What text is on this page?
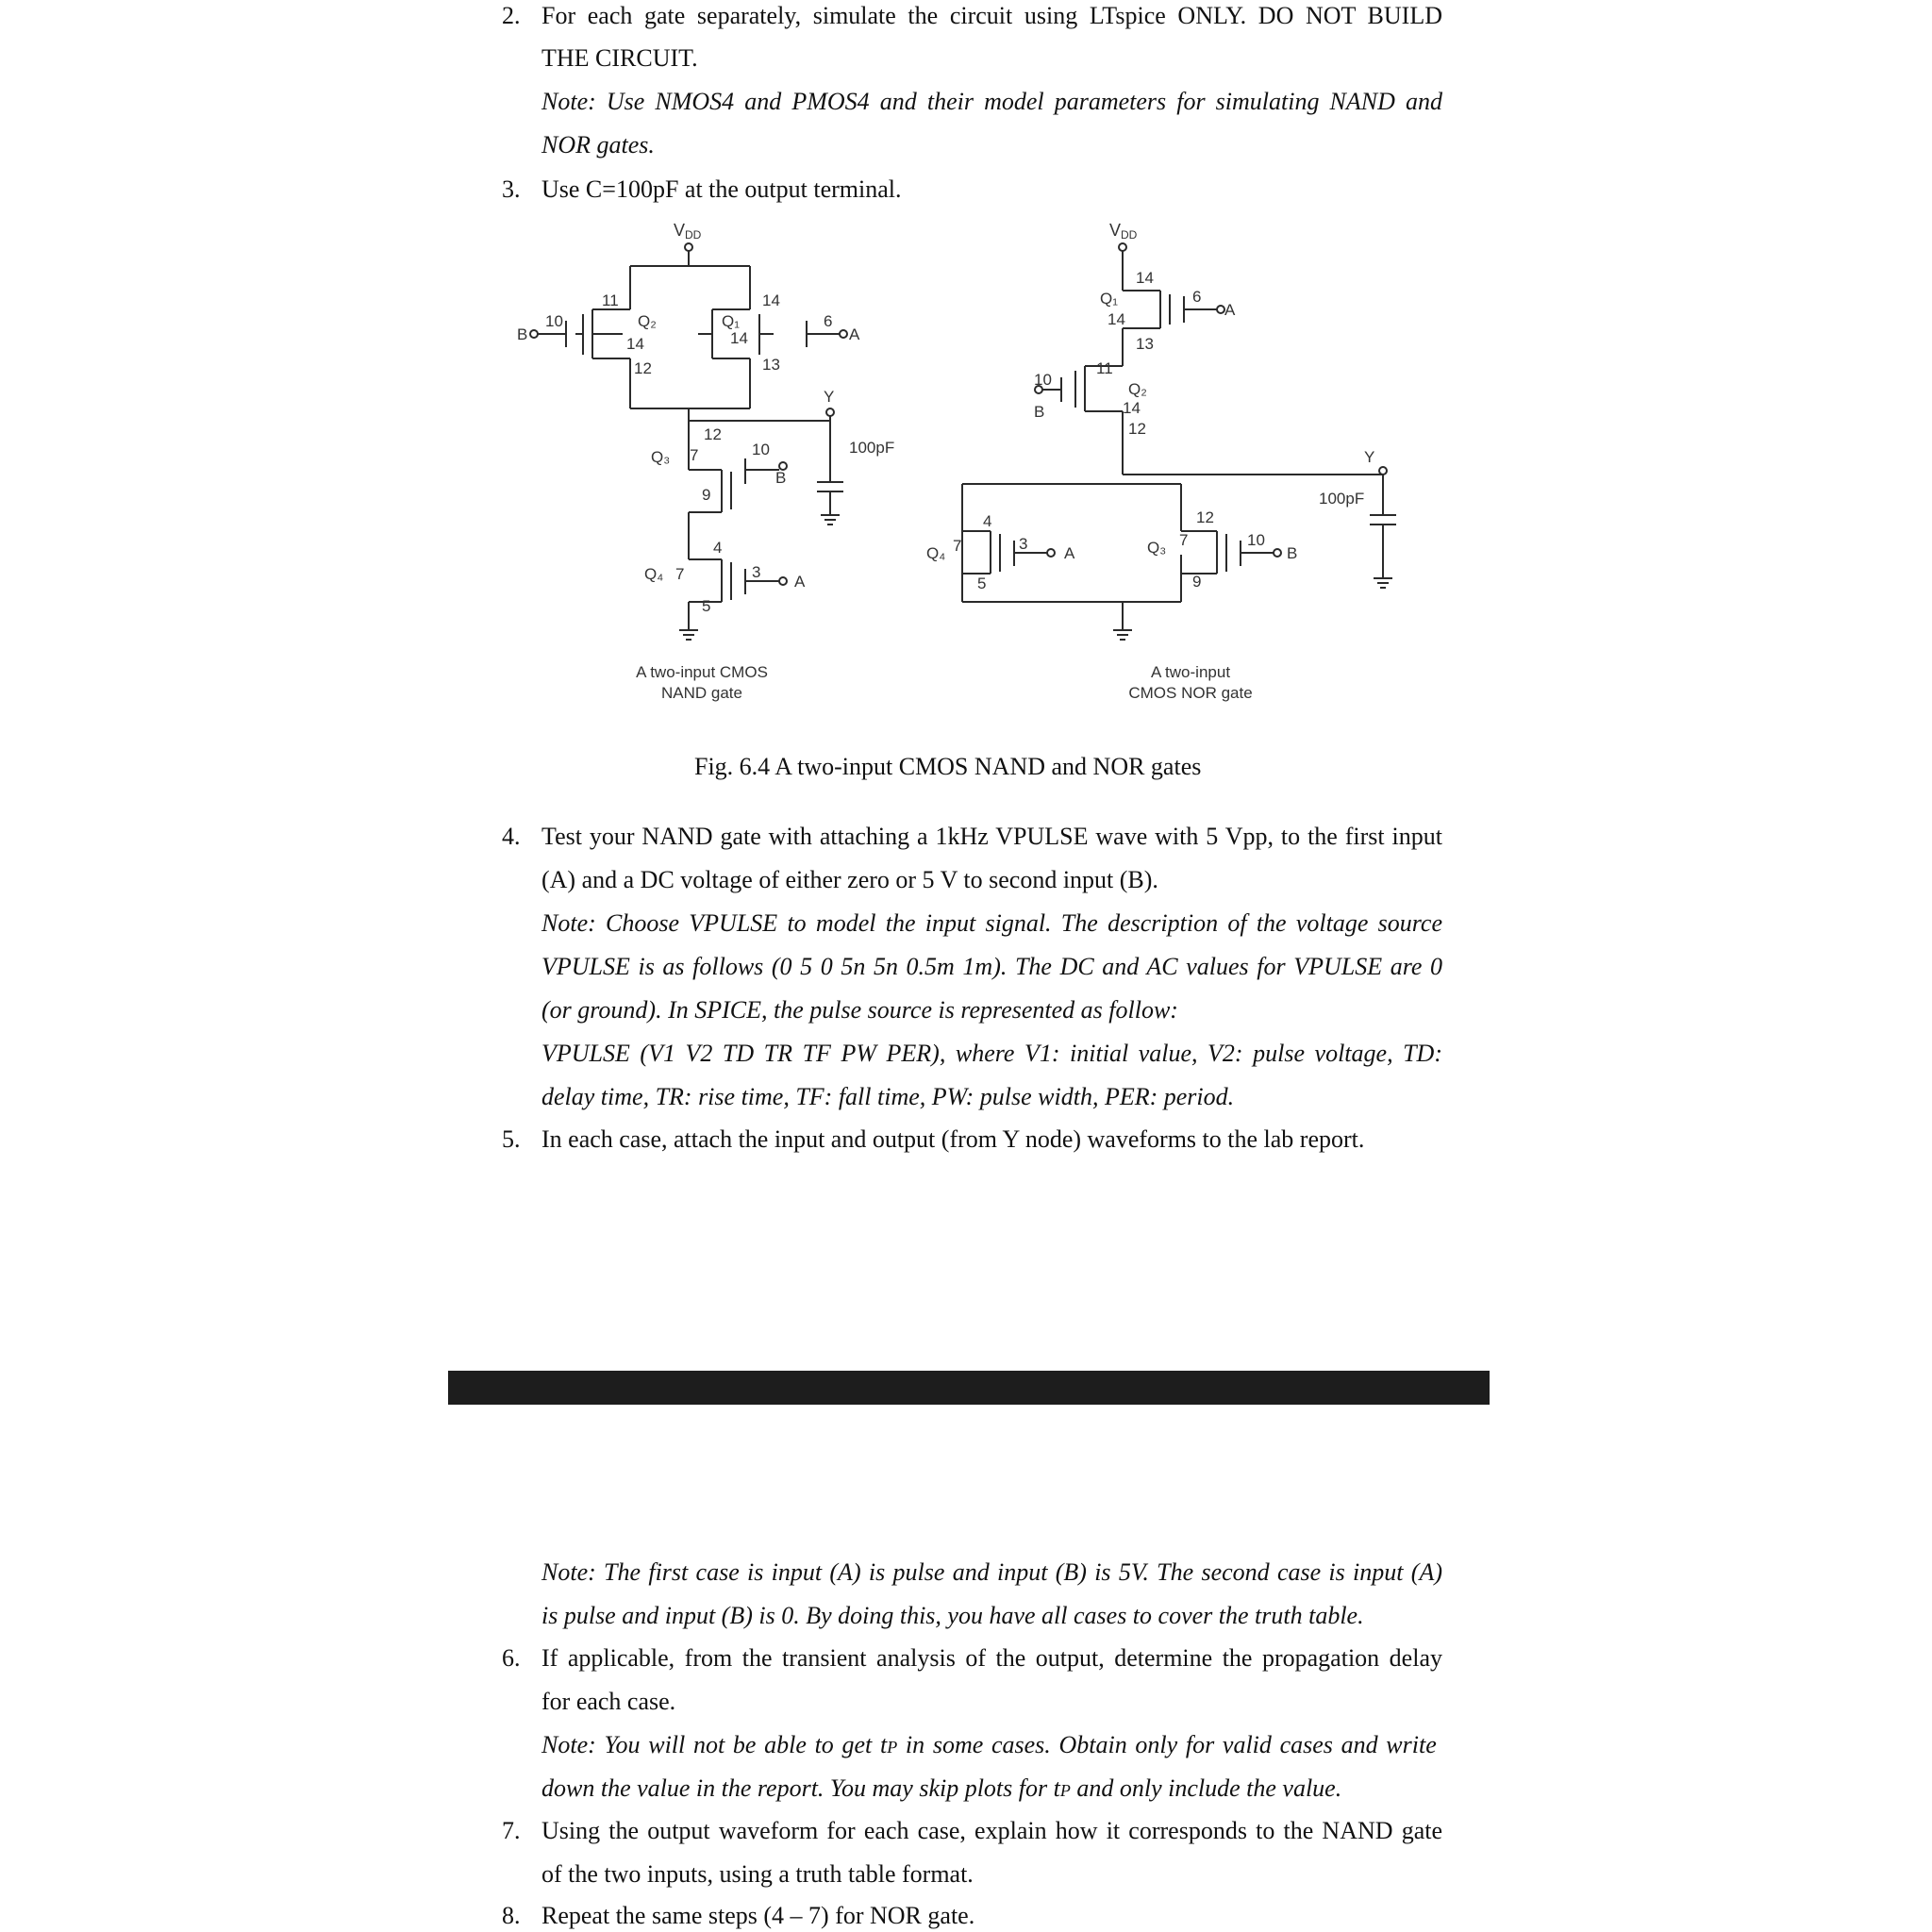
2. For each gate separately, simulate the circuit using LTspice ONLY. DO NOT BUILD
THE CIRCUIT.
Note: Use NMOS4 and PMOS4 and their model parameters for simulating NAND and
NOR gates.
3. Use C=100pF at the output terminal.
VDD
B
10
11
Q₂
14
12
Q₁
14
14
13
6
A
Y
100pF
12
Q₃ 7	10
B
9
4
Q₄ 7	3
A
5
A two-input CMOS
NAND gate
VDD
14
Q₁
14
6
A
13
11
10
B
Q₂
14
12
Y
100pF
4
Q₄ 7
5
3
A
12
Q₃ 7	10
B
9
A two-input
CMOS NOR gate
Fig. 6.4 A two-input CMOS NAND and NOR gates
4. Test your NAND gate with attaching a 1kHz VPULSE wave with 5 Vpp, to the first input
(A) and a DC voltage of either zero or 5 V to second input (B).
Note: Choose VPULSE to model the input signal. The description of the voltage source
VPULSE is as follows (0 5 0 5n 5n 0.5m 1m). The DC and AC values for VPULSE are 0
(or ground). In SPICE, the pulse source is represented as follow:
VPULSE (V1 V2 TD TR TF PW PER), where V1: initial value, V2: pulse voltage, TD:
delay time, TR: rise time, TF: fall time, PW: pulse width, PER: period.
5. In each case, attach the input and output (from Y node) waveforms to the lab report.
Note: The first case is input (A) is pulse and input (B) is 5V. The second case is input (A)
is pulse and input (B) is 0. By doing this, you have all cases to cover the truth table.
6. If applicable, from the transient analysis of the output, determine the propagation delay
for each case.
Note: You will not be able to get tP in some cases. Obtain only for valid cases and write
down the value in the report. You may skip plots for tP and only include the value.
7. Using the output waveform for each case, explain how it corresponds to the NAND gate
of the two inputs, using a truth table format.
8. Repeat the same steps (4 – 7) for NOR gate.
